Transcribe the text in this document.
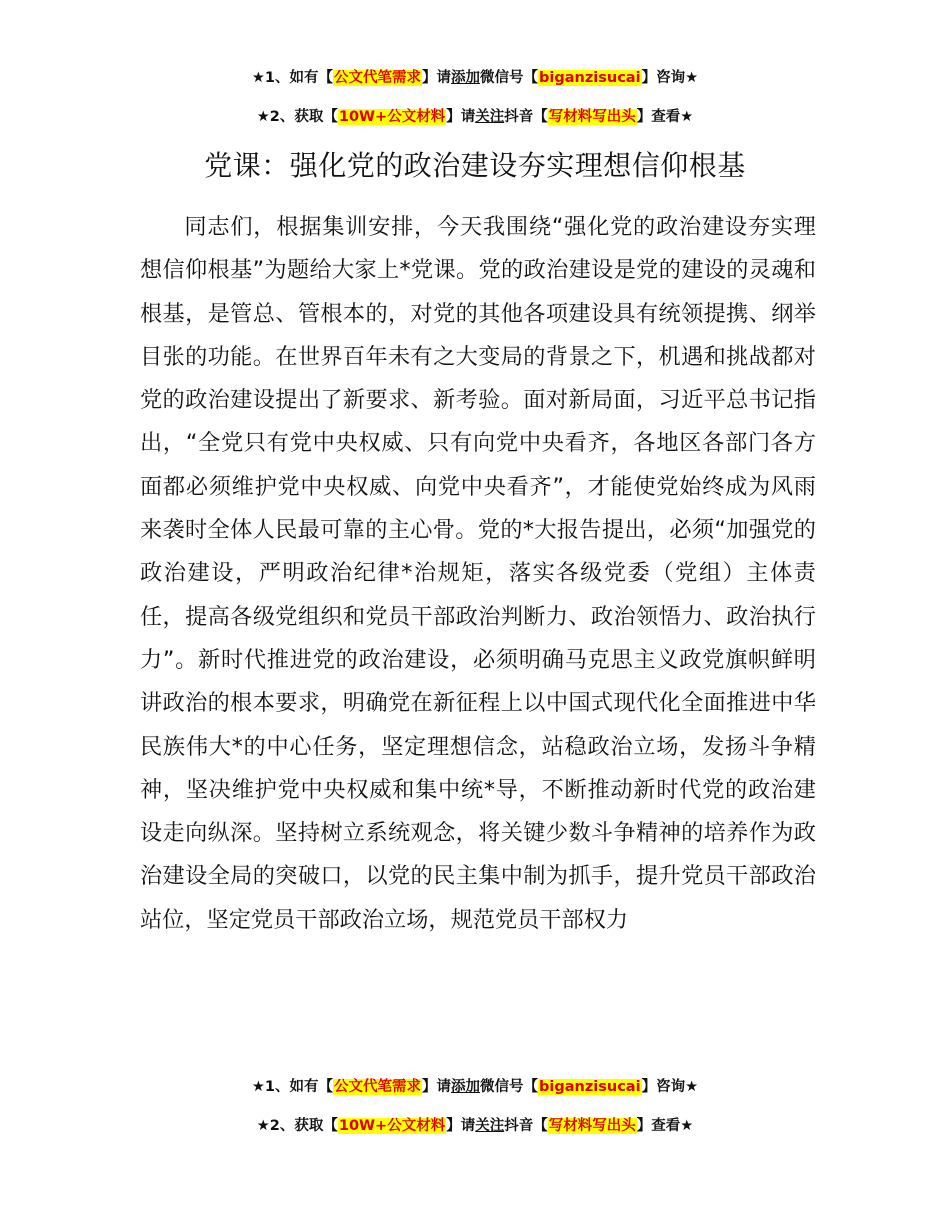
★1、如有【公文代笔需求】请添加微信号【biganzisucai】咨询★
★2、获取【10W+公文材料】请关注抖音【写材料写出头】查看★
党课：强化党的政治建设夯实理想信仰根基
同志们，根据集训安排，今天我围绕“强化党的政治建设夯实理想信仰根基”为题给大家上*党课。党的政治建设是党的建设的灵魂和根基，是管总、管根本的，对党的其他各项建设具有统领提携、纲举目张的功能。在世界百年未有之大变局的背景之下，机遇和挑战都对党的政治建设提出了新要求、新考验。面对新局面，习近平总书记指出，“全党只有党中央权威、只有向党中央看齐，各地区各部门各方面都必须维护党中央权威、向党中央看齐”，才能使党始终成为风雨来袭时全体人民最可靠的主心骨。党的*大报告提出，必须“加强党的政治建设，严明政治纪律*治规矩，落实各级党委（党组）主体责任，提高各级党组织和党员干部政治判断力、政治领悟力、政治执行力”。新时代推进党的政治建设，必须明确马克思主义政党旗帜鲜明讲政治的根本要求，明确党在新征程上以中国式现代化全面推进中华民族伟大*的中心任务，坚定理想信念，站稳政治立场，发扬斗争精神，坚决维护党中央权威和集中统*导，不断推动新时代党的政治建设走向纵深。坚持树立系统观念，将关键少数斗争精神的培养作为政治建设全局的突破口，以党的民主集中制为抓手，提升党员干部政治站位，坚定党员干部政治立场，规范党员干部权力
★1、如有【公文代笔需求】请添加微信号【biganzisucai】咨询★
★2、获取【10W+公文材料】请关注抖音【写材料写出头】查看★
